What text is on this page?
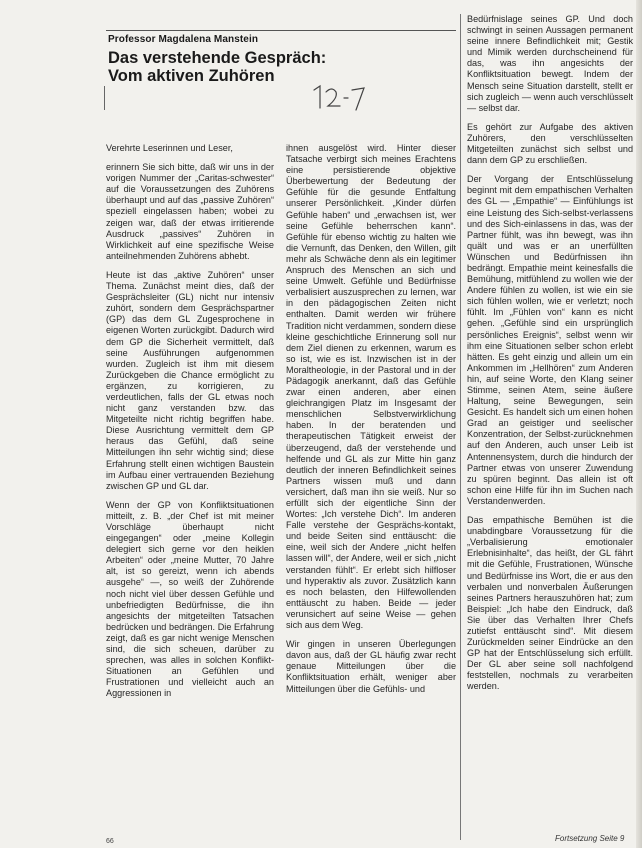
Professor Magdalena Manstein
Das verstehende Gespräch:
Vom aktiven Zuhören

Verehrte Leserinnen und Leser,

erinnern Sie sich bitte, daß wir uns in der vorigen Nummer der „Caritas-schwester“ auf die Voraussetzungen des Zuhörens überhaupt und auf das „passive Zuhören“ speziell eingelassen haben; wobei zu zeigen war, daß der etwas irritierende Ausdruck „passives“ Zuhören in Wirklichkeit auf eine spezifische Weise anteilnehmenden Zuhörens abhebt.

Heute ist das „aktive Zuhören“ unser Thema. Zunächst meint dies, daß der Gesprächsleiter (GL) nicht nur intensiv zuhört, sondern dem Gesprächspartner (GP) das dem GL Zugesprochene in eigenen Worten zurückgibt. Dadurch wird dem GP die Sicherheit vermittelt, daß seine Ausführungen aufgenommen wurden. Zugleich ist ihm mit diesem Zurückgeben die Chance ermöglicht zu ergänzen, zu korrigieren, zu verdeutlichen, falls der GL etwas noch nicht ganz verstanden bzw. das Mitgeteilte nicht richtig begriffen habe. Diese Ausrichtung vermittelt dem GP heraus das Gefühl, daß seine Mitteilungen ihn sehr wichtig sind; diese Erfahrung stellt einen wichtigen Baustein im Aufbau einer vertrauenden Beziehung zwischen GP und GL dar.

Wenn der GP von Konfliktsituationen mitteilt, z. B. „der Chef ist mit meiner Vorschläge überhaupt nicht eingegangen“ oder „meine Kollegin delegiert sich gerne vor den heiklen Arbeiten“ oder „meine Mutter, 70 Jahre alt, ist so gereizt, wenn ich abends ausgehe“ —, so weiß der Zuhörende noch nicht viel über dessen Gefühle und unbefriedigten Bedürfnisse, die ihn angesichts der mitgeteilten Tatsachen bedrücken und bedrängen. Die Erfahrung zeigt, daß es gar nicht wenige Menschen sind, die sich scheuen, darüber zu sprechen, was alles in solchen Konflikt-Situationen an Gefühlen und Frustrationen und vielleicht auch an Aggressionen in

ihnen ausgelöst wird. Hinter dieser Tatsache verbirgt sich meines Erachtens eine persistierende objektive Überbewertung der Bedeutung der Gefühle für die gesunde Entfaltung unserer Persönlichkeit. „Kinder dürfen Gefühle haben“ und „erwachsen ist, wer seine Gefühle beherrschen kann“. Gefühle für ebenso wichtig zu halten wie die Vernunft, das Denken, den Willen, gilt mehr als Schwäche denn als ein legitimer Anspruch des Menschen an sich und seine Umwelt. Gefühle und Bedürfnisse verbalisiert auszusprechen zu lernen, war in den pädagogischen Zeiten nicht enthalten. Damit werden wir frühere Tradition nicht verdammen, sondern diese kleine geschichtliche Erinnerung soll nur dem Ziel dienen zu erkennen, warum es so ist, wie es ist. Inzwischen ist in der Moraltheologie, in der Pastoral und in der Pädagogik anerkannt, daß das Gefühle zwar einen anderen, aber einen gleichrangigen Platz im Insgesamt der menschlichen Selbstverwirklichung haben. In der beratenden und therapeutischen Tätigkeit erweist der überzeugend, daß der verstehende und helfende und GL als zur Mitte hin ganz deutlich der inneren Befindlichkeit seines Partners wissen muß und dann versichert, daß man ihn sie weiß. Nur so erfüllt sich der eigentliche Sinn der Wortes: „Ich verstehe Dich“. Im anderen Falle verstehe der Gesprächs-kontakt, und beide Seiten sind enttäuscht: die eine, weil sich der Andere „nicht helfen lassen will“, der Andere, weil er sich „nicht verstanden fühlt“. Er erlebt sich hilfloser und hyperaktiv als zuvor. Zusätzlich kann es noch belasten, den Hilfewollenden enttäuscht zu haben. Beide — jeder verunsichert auf seine Weise — gehen sich aus dem Weg.

Wir gingen in unseren Überlegungen davon aus, daß der GL häufig zwar recht genaue Mitteilungen über die Konfliktsituation erhält, weniger aber Mitteilungen über die Gefühls- und

Bedürfnislage seines GP. Und doch schwingt in seinen Aussagen permanent seine innere Befindlichkeit mit; Gestik und Mimik werden durchscheinend für das, was ihn angesichts der Konfliktsituation bewegt. Indem der Mensch seine Situation darstellt, stellt er sich zugleich — wenn auch verschlüsselt — selbst dar.

Es gehört zur Aufgabe des aktiven Zuhörers, den verschlüsselten Mitgeteilten zunächst sich selbst und dann dem GP zu erschließen.

Der Vorgang der Entschlüsselung beginnt mit dem empathischen Verhalten des GL — „Empathie“ — Einfühlungs ist eine Leistung des Sich-selbst-verlassens und des Sich-einlassens in das, was der Partner fühlt, was ihn bewegt, was ihn quält und was er an unerfüllten Wünschen und Bedürfnissen ihn bedrängt. Empathie meint keinesfalls die Bemühung, mitfühlend zu wollen wie der Andere fühlen zu wollen, ist wie ein sie sich fühlen wollen, wie er verletzt; noch fühlt. Im „Fühlen von“ kann es nicht gehen. „Gefühle sind ein ursprünglich persönliches Ereignis“, selbst wenn wir ihm eine Situationen selber schon erlebt hätten. Es geht einzig und allein um ein Ankommen im „Hellhören“ zum Anderen hin, auf seine Worte, den Klang seiner Stimme, seinen Atem, seine äußere Haltung, seine Bewegungen, sein Gesicht. Es handelt sich um einen hohen Grad an geistiger und seelischer Konzentration, der Selbst-zurücknehmen auf den Anderen, auch unser Leib ist Antennensystem, durch die hindurch der Partner etwas von unserer Zuwendung zu spüren beginnt. Das allein ist oft schon eine Hilfe für ihn im Suchen nach Verstandenwerden.

Das empathische Bemühen ist die unabdingbare Voraussetzung für die „Verbalisierung emotionaler Erlebnisinhalte“, das heißt, der GL fährt mit die Gefühle, Frustrationen, Wünsche und Bedürfnisse ins Wort, die er aus den verbalen und nonverbalen Äußerungen seines Partners herauszuhören hat; zum Beispiel: „Ich habe den Eindruck, daß Sie über das Verhalten Ihrer Chefs zutiefst enttäuscht sind“. Mit diesem Zurückmelden seiner Eindrücke an den GP hat der Entschlüsselung sich erfüllt. Der GL aber seine soll nachfolgend feststellen, nochmals zu verarbeiten werden.

Fortsetzung Seite 9
66
